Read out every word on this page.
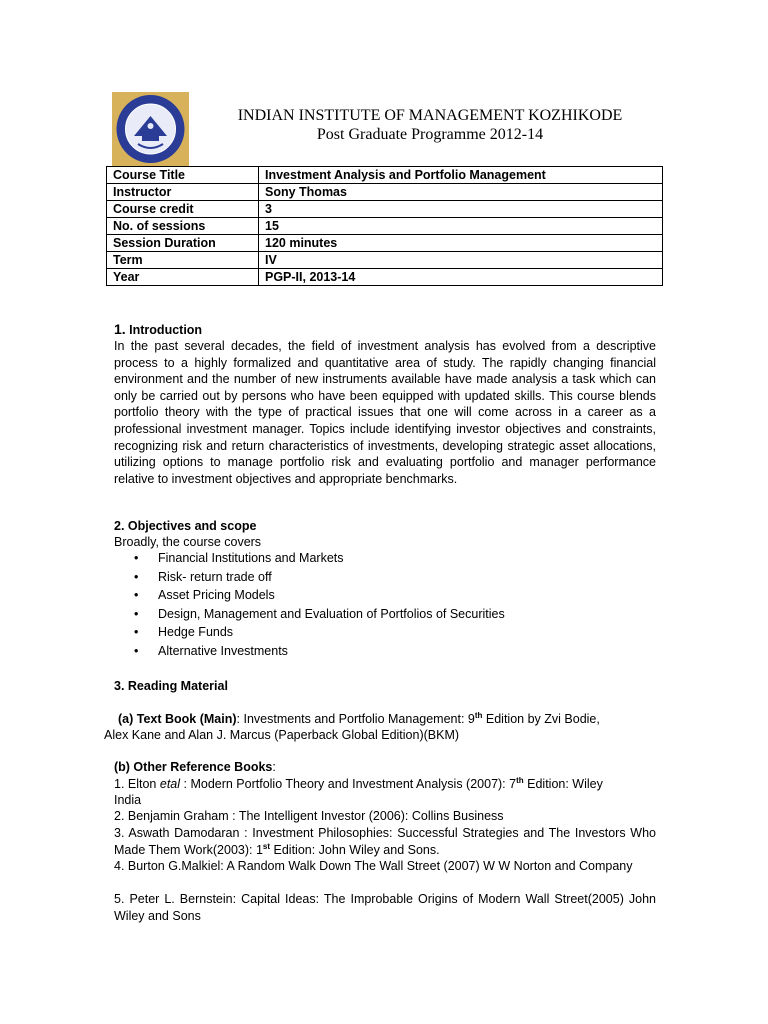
INDIAN INSTITUTE OF MANAGEMENT KOZHIKODE
Post Graduate Programme 2012-14
Course Title	Investment Analysis and Portfolio Management
Instructor	Sony Thomas
Course credit	3
No. of sessions	15
Session Duration	120 minutes
Term	IV
Year	PGP-II, 2013-14
1. Introduction
In the past several decades, the field of investment analysis has evolved from a descriptive process to a highly formalized and quantitative area of study. The rapidly changing financial environment and the number of new instruments available have made analysis a task which can only be carried out by persons who have been equipped with updated skills. This course blends portfolio theory with the type of practical issues that one will come across in a career as a professional investment manager. Topics include identifying investor objectives and constraints, recognizing risk and return characteristics of investments, developing strategic asset allocations, utilizing options to manage portfolio risk and evaluating portfolio and manager performance relative to investment objectives and appropriate benchmarks.
2. Objectives and scope
Broadly, the course covers
• Financial Institutions and Markets
• Risk- return trade off
• Asset Pricing Models
• Design, Management and Evaluation of Portfolios of Securities
• Hedge Funds
• Alternative Investments
3. Reading Material
(a) Text Book (Main): Investments and Portfolio Management: 9th Edition by Zvi Bodie,
Alex Kane and Alan J. Marcus (Paperback Global Edition)(BKM)
(b) Other Reference Books:
1. Elton etal : Modern Portfolio Theory and Investment Analysis (2007): 7th Edition: Wiley
India
2. Benjamin Graham : The Intelligent Investor (2006): Collins Business
3. Aswath Damodaran : Investment Philosophies: Successful Strategies and The Investors Who Made Them Work(2003): 1st Edition: John Wiley and Sons.
4. Burton G.Malkiel: A Random Walk Down The Wall Street (2007) W W Norton and Company
5. Peter L. Bernstein: Capital Ideas: The Improbable Origins of Modern Wall Street(2005) John Wiley and Sons
